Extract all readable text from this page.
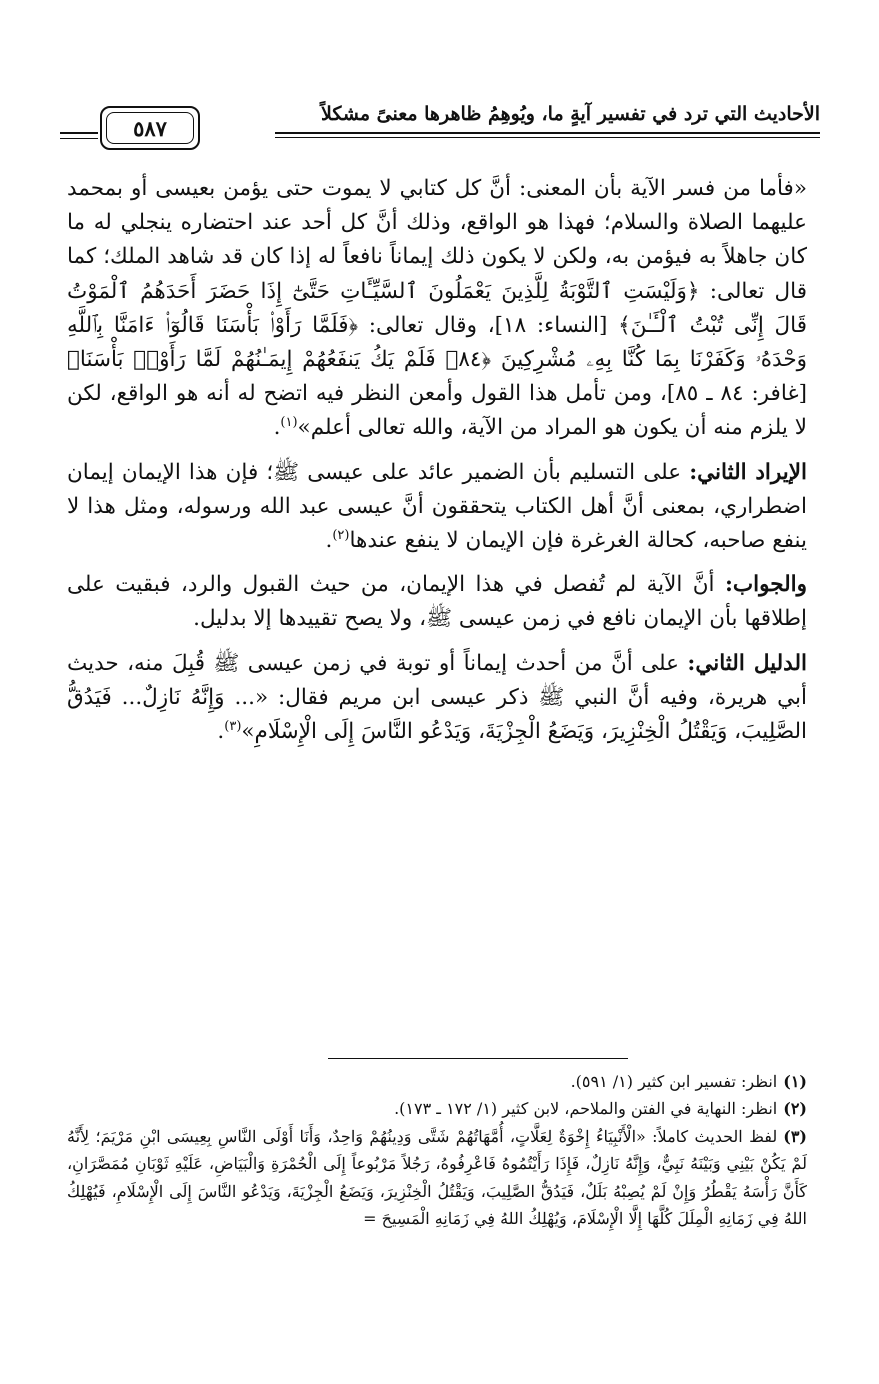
الأحاديث التي ترد في تفسير آيةٍ ما، ويُوهِمُ ظاهرها معنىً مشكلاً
٥٨٧

«فأما من فسر الآية بأن المعنى: أنَّ كل كتابي لا يموت حتى يؤمن بعيسى أو بمحمد عليهما الصلاة والسلام؛ فهذا هو الواقع، وذلك أنَّ كل أحد عند احتضاره ينجلي له ما كان جاهلاً به فيؤمن به، ولكن لا يكون ذلك إيماناً نافعاً له إذا كان قد شاهد الملك؛ كما قال تعالى: ﴿وَلَيْسَتِ ٱلتَّوْبَةُ لِلَّذِينَ يَعْمَلُونَ ٱلسَّيِّـَٔاتِ حَتَّىٰٓ إِذَا حَضَرَ أَحَدَهُمُ ٱلْمَوْتُ قَالَ إِنِّى تُبْتُ ٱلْـَٔـٰنَ﴾ [النساء: ١٨]، وقال تعالى: ﴿فَلَمَّا رَأَوْا۟ بَأْسَنَا قَالُوٓا۟ ءَامَنَّا بِٱللَّهِ وَحْدَهُۥ وَكَفَرْنَا بِمَا كُنَّا بِهِۦ مُشْرِكِينَ ﴿٨٤﴾ فَلَمْ يَكُ يَنفَعُهُمْ إِيمَـٰنُهُمْ لَمَّا رَأَوْا۟ بَأْسَنَا﴾ [غافر: ٨٤ ـ ٨٥]، ومن تأمل هذا القول وأمعن النظر فيه اتضح له أنه هو الواقع، لكن لا يلزم منه أن يكون هو المراد من الآية، والله تعالى أعلم»$^{(١)}$.

الإيراد الثاني: على التسليم بأن الضمير عائد على عيسى ﷺ؛ فإن هذا الإيمان إيمان اضطراري، بمعنى أنَّ أهل الكتاب يتحققون أنَّ عيسى عبد الله ورسوله، ومثل هذا لا ينفع صاحبه، كحالة الغرغرة فإن الإيمان لا ينفع عندها$^{(٢)}$.

والجواب: أنَّ الآية لم تُفصل في هذا الإيمان، من حيث القبول والرد، فبقيت على إطلاقها بأن الإيمان نافع في زمن عيسى ﷺ، ولا يصح تقييدها إلا بدليل.

الدليل الثاني: على أنَّ من أحدث إيماناً أو توبة في زمن عيسى ﷺ قُبِلَ منه، حديث أبي هريرة، وفيه أنَّ النبي ﷺ ذكر عيسى ابن مريم فقال: «... وَإِنَّهُ نَازِلٌ... فَيَدُقُّ الصَّلِيبَ، وَيَقْتُلُ الْخِنْزِيرَ، وَيَضَعُ الْجِزْيَةَ، وَيَدْعُو النَّاسَ إِلَى الْإِسْلَامِ»$^{(٣)}$.

(١)انظر: تفسير ابن كثير (١/ ٥٩١).

(٢)انظر: النهاية في الفتن والملاحم، لابن كثير (١/ ١٧٢ ـ ١٧٣).

(٣)لفظ الحديث كاملاً: «الْأَنْبِيَاءُ إِخْوَةٌ لِعَلَّاتٍ، أُمَّهَاتُهُمْ شَتَّى وَدِينُهُمْ وَاحِدٌ، وَأَنَا أَوْلَى النَّاسِ بِعِيسَى ابْنِ مَرْيَمَ؛ لِأَنَّهُ لَمْ يَكُنْ بَيْنِي وَبَيْنَهُ نَبِيٌّ، وَإِنَّهُ نَازِلٌ، فَإِذَا رَأَيْتُمُوهُ فَاعْرِفُوهُ، رَجُلاً مَرْبُوعاً إِلَى الْحُمْرَةِ وَالْبَيَاضِ، عَلَيْهِ ثَوْبَانِ مُمَصَّرَانِ، كَأَنَّ رَأْسَهُ يَقْطُرُ وَإِنْ لَمْ يُصِبْهُ بَلَلٌ، فَيَدُقُّ الصَّلِيبَ، وَيَقْتُلُ الْخِنْزِيرَ، وَيَضَعُ الْجِزْيَةَ، وَيَدْعُو النَّاسَ إِلَى الْإِسْلَامِ، فَيُهْلِكُ اللهُ فِي زَمَانِهِ الْمِلَلَ كُلَّهَا إِلَّا الْإِسْلَامَ، وَيُهْلِكُ اللهُ فِي زَمَانِهِ الْمَسِيحَ =
